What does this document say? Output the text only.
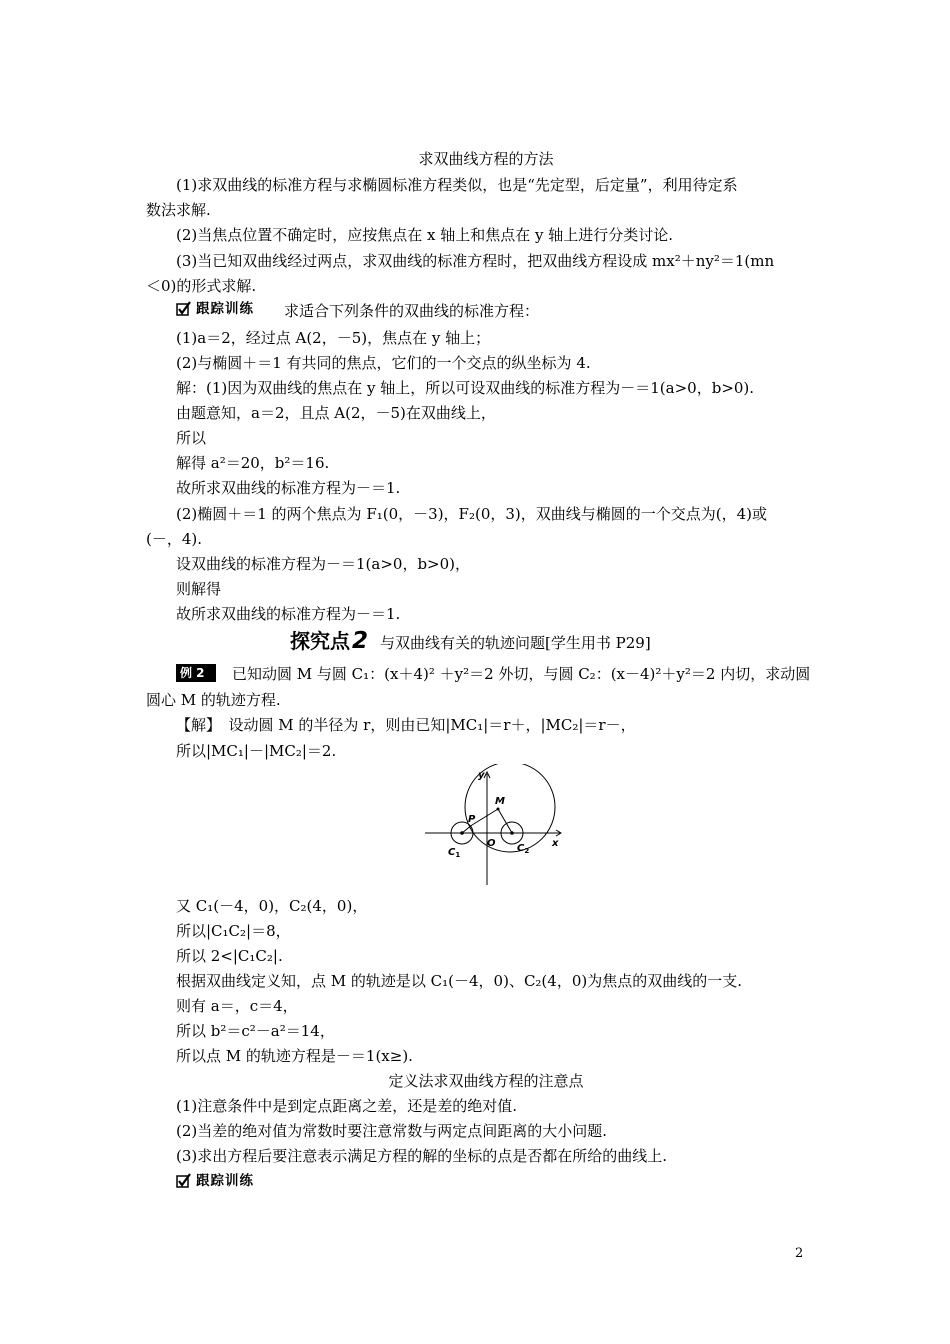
求双曲线方程的方法
(1)求双曲线的标准方程与求椭圆标准方程类似，也是“先定型，后定量”，利用待定系
数法求解.
(2)当焦点位置不确定时，应按焦点在 x 轴上和焦点在 y 轴上进行分类讨论.
(3)当已知双曲线经过两点，求双曲线的标准方程时，把双曲线方程设成 mx²＋ny²＝1(mn
＜0)的形式求解.
跟踪训练 求适合下列条件的双曲线的标准方程：
(1)a＝2，经过点 A(2，－5)，焦点在 y 轴上；
(2)与椭圆＋＝1 有共同的焦点，它们的一个交点的纵坐标为 4.
解：(1)因为双曲线的焦点在 y 轴上，所以可设双曲线的标准方程为－＝1(a>0，b>0).
由题意知，a＝2，且点 A(2，－5)在双曲线上，
所以
解得 a²＝20，b²＝16.
故所求双曲线的标准方程为－＝1.
(2)椭圆＋＝1 的两个焦点为 F₁(0，－3)，F₂(0，3)，双曲线与椭圆的一个交点为(，4)或
(－，4).
设双曲线的标准方程为－＝1(a>0，b>0)，
则解得
故所求双曲线的标准方程为－＝1.
探究点2 与双曲线有关的轨迹问题[学生用书 P29]
例 2 已知动圆 M 与圆 C₁：(x＋4)² ＋y²＝2 外切，与圆 C₂：(x－4)²＋y²＝2 内切，求动圆
圆心 M 的轨迹方程.
【解】　设动圆 M 的半径为 r，则由已知|MC₁|＝r＋，|MC₂|＝r－，
所以|MC₁|－|MC₂|＝2.
y
x
M
P
O
$C_1$
$C_2$
又 C₁(－4，0)，C₂(4，0)，
所以|C₁C₂|＝8，
所以 2<|C₁C₂|.
根据双曲线定义知，点 M 的轨迹是以 C₁(－4，0)、C₂(4，0)为焦点的双曲线的一支.
则有 a＝，c＝4，
所以 b²＝c²－a²＝14，
所以点 M 的轨迹方程是－＝1(x≥).
定义法求双曲线方程的注意点
(1)注意条件中是到定点距离之差，还是差的绝对值.
(2)当差的绝对值为常数时要注意常数与两定点间距离的大小问题.
(3)求出方程后要注意表示满足方程的解的坐标的点是否都在所给的曲线上.
跟踪训练
2
